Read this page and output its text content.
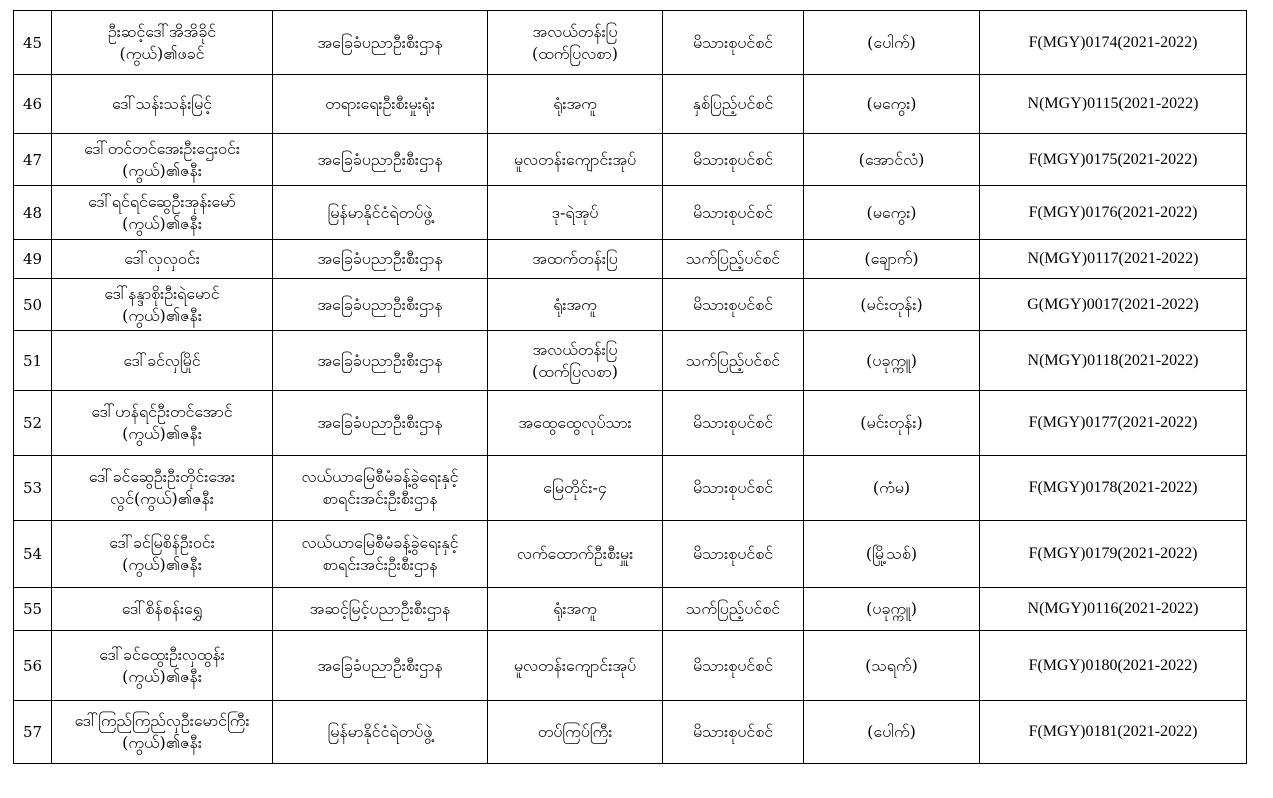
45	ဦးဆင့်ဒေါ်အိအိခိုင်
(ကွယ်)၏ဖခင်	အခြေခံပညာဦးစီးဌာန	အလယ်တန်းပြ
(ထက်ပြလစာ)	မိသားစုပင်စင်	(ပေါက်)	F(MGY)0174(2021-2022)

46	ဒေါ်သန်းသန်းမြင့်	တရားရေးဦးစီးမှုးရုံး	ရုံးအကူ	နှစ်ပြည့်ပင်စင်	(မကွေး)	N(MGY)0115(2021-2022)

47	ဒေါ်တင်တင်အေးဦးဌေးဝင်း
(ကွယ်)၏ဇနီး	အခြေခံပညာဦးစီးဌာန	မူလတန်းကျောင်းအုပ်	မိသားစုပင်စင်	(အောင်လံ)	F(MGY)0175(2021-2022)

48	ဒေါ်ရင်ရင်ဆွေဦးအုန်းမော်
(ကွယ်)၏ဇနီး	မြန်မာနိုင်ငံရဲတပ်ဖွဲ့	ဒု-ရဲအုပ်	မိသားစုပင်စင်	(မကွေး)	F(MGY)0176(2021-2022)

49	ဒေါ်လှလှဝင်း	အခြေခံပညာဦးစီးဌာန	အထက်တန်းပြ	သက်ပြည့်ပင်စင်	(ချောက်)	N(MGY)0117(2021-2022)

50	ဒေါ်နန္ဒာစိုးဦးရဲမောင်
(ကွယ်)၏ဇနီး	အခြေခံပညာဦးစီးဌာန	ရုံးအကူ	မိသားစုပင်စင်	(မင်းတုန်း)	G(MGY)0017(2021-2022)

51	ဒေါ်ခင်လှမြိုင်	အခြေခံပညာဦးစီးဌာန	အလယ်တန်းပြ
(ထက်ပြလစာ)	သက်ပြည့်ပင်စင်	(ပခုက္ကူ)	N(MGY)0118(2021-2022)

52	ဒေါ်ဟန်ရင်ဦးတင်အောင်
(ကွယ်)၏ဇနီး	အခြေခံပညာဦးစီးဌာန	အထွေထွေလုပ်သား	မိသားစုပင်စင်	(မင်းတုန်း)	F(MGY)0177(2021-2022)

53	ဒေါ်ခင်ဆွေဦးဦးတိုင်းအေး
လွင်(ကွယ်)၏ဇနီး	လယ်ယာမြေစီမံခန့်ခွဲရေးနှင့်
စာရင်းအင်းဦးစီးဌာန	မြေတိုင်း-၄	မိသားစုပင်စင်	(ကံမ)	F(MGY)0178(2021-2022)

54	ဒေါ်ခင်မြစိန်ဦးဝင်း
(ကွယ်)၏ဇနီး	လယ်ယာမြေစီမံခန့်ခွဲရေးနှင့်
စာရင်းအင်းဦးစီးဌာန	လက်ထောက်ဦးစီးမှူး	မိသားစုပင်စင်	(မြို့သစ်)	F(MGY)0179(2021-2022)

55	ဒေါ်စိန်စန်းရွှေ	အဆင့်မြင့်ပညာဦးစီးဌာန	ရုံးအကူ	သက်ပြည့်ပင်စင်	(ပခုက္ကူ)	N(MGY)0116(2021-2022)

56	ဒေါ်ခင်ထွေးဦးလှထွန်း
(ကွယ်)၏ဇနီး	အခြေခံပညာဦးစီးဌာန	မူလတန်းကျောင်းအုပ်	မိသားစုပင်စင်	(သရက်)	F(MGY)0180(2021-2022)

57	ဒေါ်ကြည်ကြည်လှဦးမောင်ကြီး
(ကွယ်)၏ဇနီး	မြန်မာနိုင်ငံရဲတပ်ဖွဲ့	တပ်ကြပ်ကြီး	မိသားစုပင်စင်	(ပေါက်)	F(MGY)0181(2021-2022)
